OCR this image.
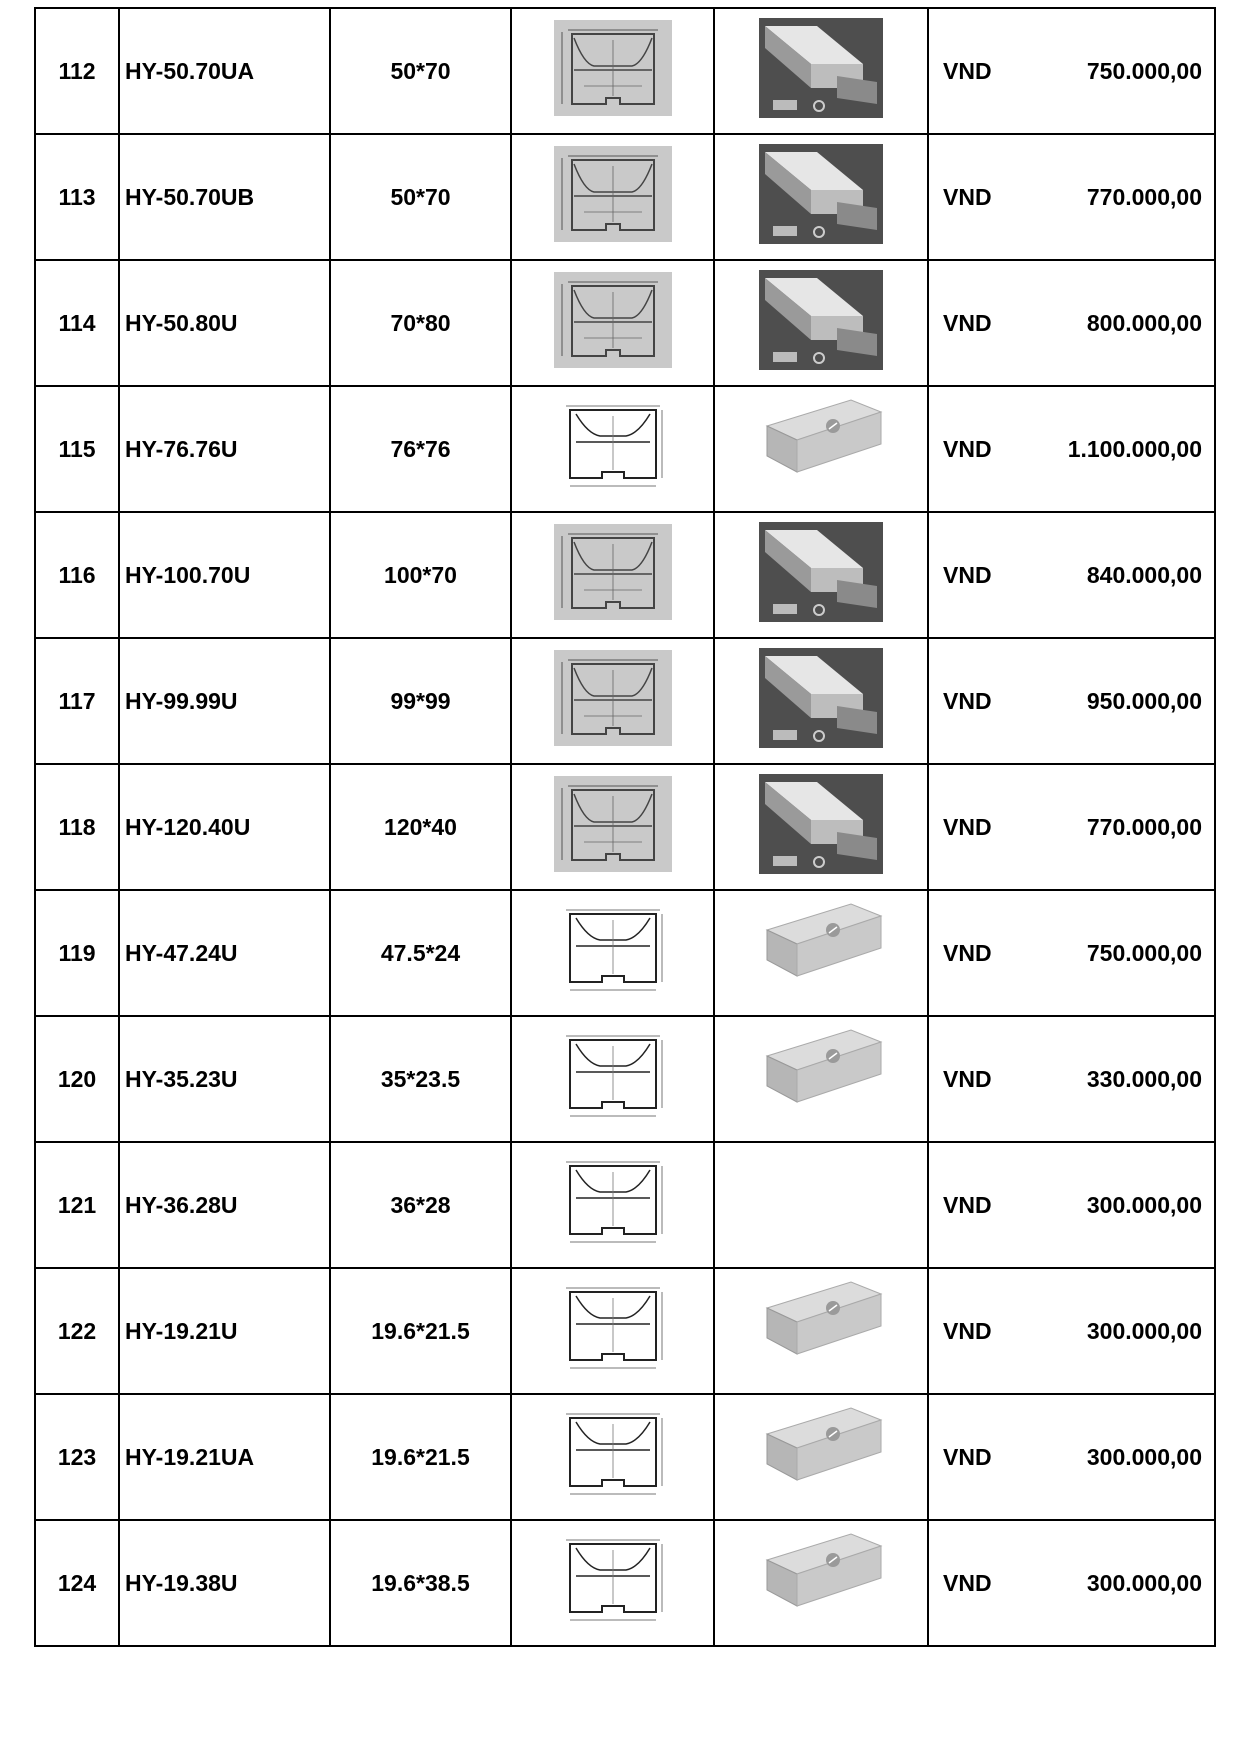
112	HY-50.70UA	50*70			VND 750.000,00

113	HY-50.70UB	50*70			VND 770.000,00

114	HY-50.80U	70*80			VND 800.000,00

115	HY-76.76U	76*76			VND 1.100.000,00

116	HY-100.70U	100*70			VND 840.000,00

117	HY-99.99U	99*99			VND 950.000,00

118	HY-120.40U	120*40			VND 770.000,00

119	HY-47.24U	47.5*24			VND 750.000,00

120	HY-35.23U	35*23.5			VND 330.000,00

121	HY-36.28U	36*28			VND 300.000,00

122	HY-19.21U	19.6*21.5			VND 300.000,00

123	HY-19.21UA	19.6*21.5			VND 300.000,00

124	HY-19.38U	19.6*38.5			VND 300.000,00
